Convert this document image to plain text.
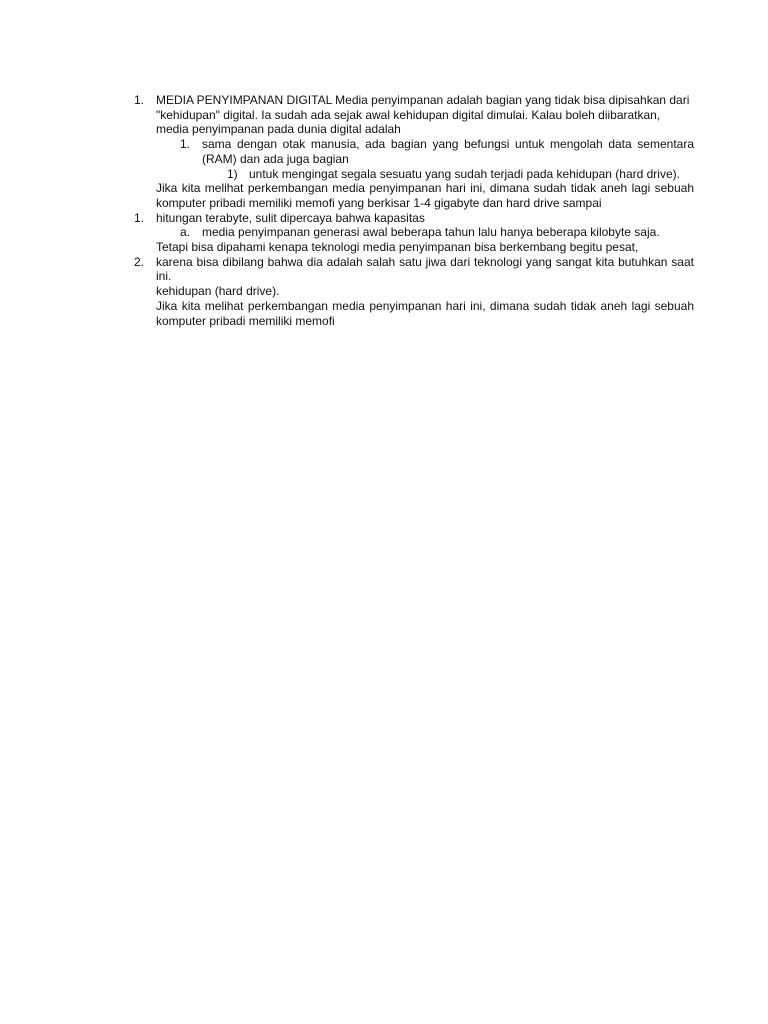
1. MEDIA PENYIMPANAN DIGITAL Media penyimpanan adalah bagian yang tidak bisa dipisahkan dari "kehidupan" digital. Ia sudah ada sejak awal kehidupan digital dimulai. Kalau boleh diibaratkan, media penyimpanan pada dunia digital adalah
1. sama dengan otak manusia, ada bagian yang befungsi untuk mengolah data sementara (RAM) dan ada juga bagian
1) untuk mengingat segala sesuatu yang sudah terjadi pada kehidupan (hard drive).
Jika kita melihat perkembangan media penyimpanan hari ini, dimana sudah tidak aneh lagi sebuah komputer pribadi memiliki memofi yang berkisar 1-4 gigabyte dan hard drive sampai
1. hitungan terabyte, sulit dipercaya bahwa kapasitas
a. media penyimpanan generasi awal beberapa tahun lalu hanya beberapa kilobyte saja.
Tetapi bisa dipahami kenapa teknologi media penyimpanan bisa berkembang begitu pesat,
2. karena bisa dibilang bahwa dia adalah salah satu jiwa dari teknologi yang sangat kita butuhkan saat ini.
kehidupan (hard drive).
Jika kita melihat perkembangan media penyimpanan hari ini, dimana sudah tidak aneh lagi sebuah komputer pribadi memiliki memofi
